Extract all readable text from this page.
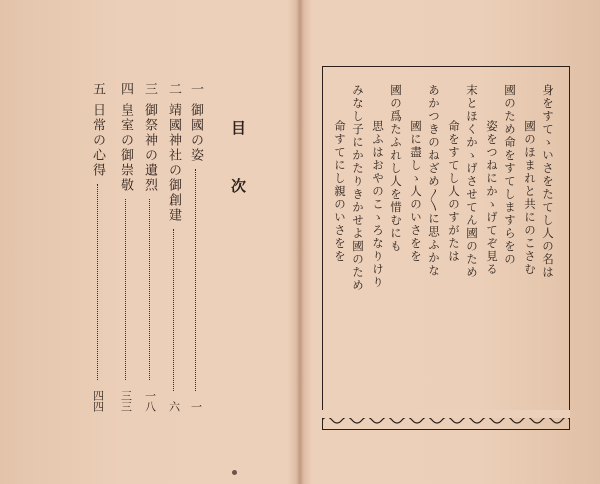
目　次
一
御國の姿
一
二
靖國神社の御創建
六
三
御祭神の遺烈
一八
四
皇室の御崇敬
三三
五
日常の心得
四四
身をすてゝいさをたてし人の名は
國のほまれと共にのこさむ
國のため命をすてしますらをの
姿をつねにかゝげてぞ見る
末とほくかゝげさせてん國のため
命をすてし人のすがたは
あかつきのねざめ〳〵に思ふかな
國に盡しゝ人のいさをを
國の爲たふれし人を惜むにも
思ふはおやのこゝろなりけり
みなし子にかたりきかせよ國のため
命すてにし親のいさをを
